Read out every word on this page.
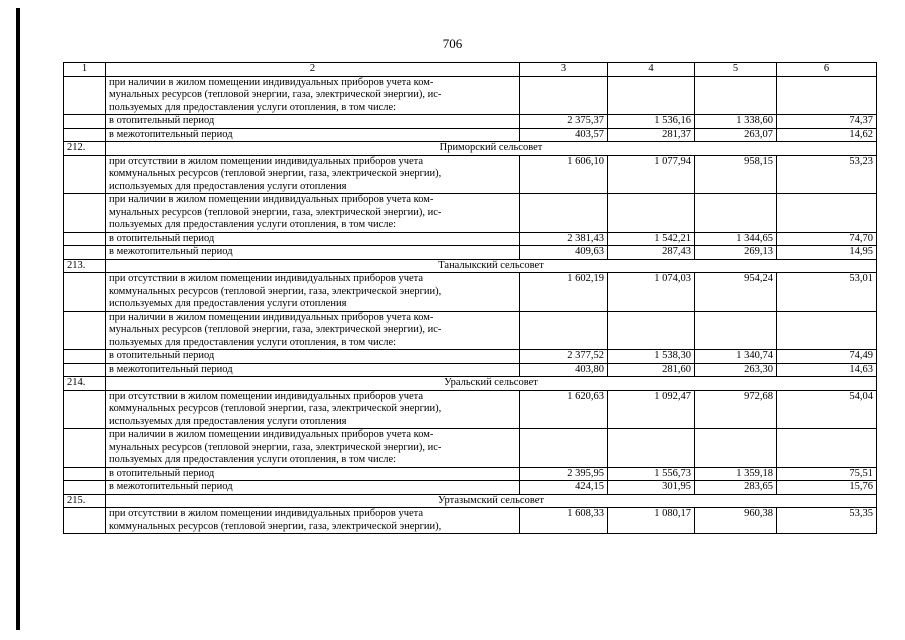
706
1	2	3	4	5	6

	при наличии в жилом помещении индивидуальных приборов учета ком-
мунальных ресурсов (тепловой энергии, газа, электрической энергии), ис-
пользуемых для предоставления услуги отопления, в том числе:				

	в отопительный период	2 375,37	1 536,16	1 338,60	74,37
	в межотопительный период	403,57	281,37	263,07	14,62
212.	Приморский сельсовет				

	при отсутствии в жилом помещении индивидуальных приборов учета
коммунальных ресурсов (тепловой энергии, газа, электрической энергии),
используемых для предоставления услуги отопления	1 606,10	1 077,94	958,15	53,23

	при наличии в жилом помещении индивидуальных приборов учета ком-
мунальных ресурсов (тепловой энергии, газа, электрической энергии), ис-
пользуемых для предоставления услуги отопления, в том числе:				

	в отопительный период	2 381,43	1 542,21	1 344,65	74,70
	в межотопительный период	409,63	287,43	269,13	14,95
213.	Таналыкский сельсовет				

	при отсутствии в жилом помещении индивидуальных приборов учета
коммунальных ресурсов (тепловой энергии, газа, электрической энергии),
используемых для предоставления услуги отопления	1 602,19	1 074,03	954,24	53,01

	при наличии в жилом помещении индивидуальных приборов учета ком-
мунальных ресурсов (тепловой энергии, газа, электрической энергии), ис-
пользуемых для предоставления услуги отопления, в том числе:				

	в отопительный период	2 377,52	1 538,30	1 340,74	74,49
	в межотопительный период	403,80	281,60	263,30	14,63
214.	Уральский сельсовет				

	при отсутствии в жилом помещении индивидуальных приборов учета
коммунальных ресурсов (тепловой энергии, газа, электрической энергии),
используемых для предоставления услуги отопления	1 620,63	1 092,47	972,68	54,04

	при наличии в жилом помещении индивидуальных приборов учета ком-
мунальных ресурсов (тепловой энергии, газа, электрической энергии), ис-
пользуемых для предоставления услуги отопления, в том числе:				

	в отопительный период	2 395,95	1 556,73	1 359,18	75,51
	в межотопительный период	424,15	301,95	283,65	15,76
215.	Уртазымский сельсовет				

	при отсутствии в жилом помещении индивидуальных приборов учета
коммунальных ресурсов (тепловой энергии, газа, электрической энергии),	1 608,33	1 080,17	960,38	53,35
